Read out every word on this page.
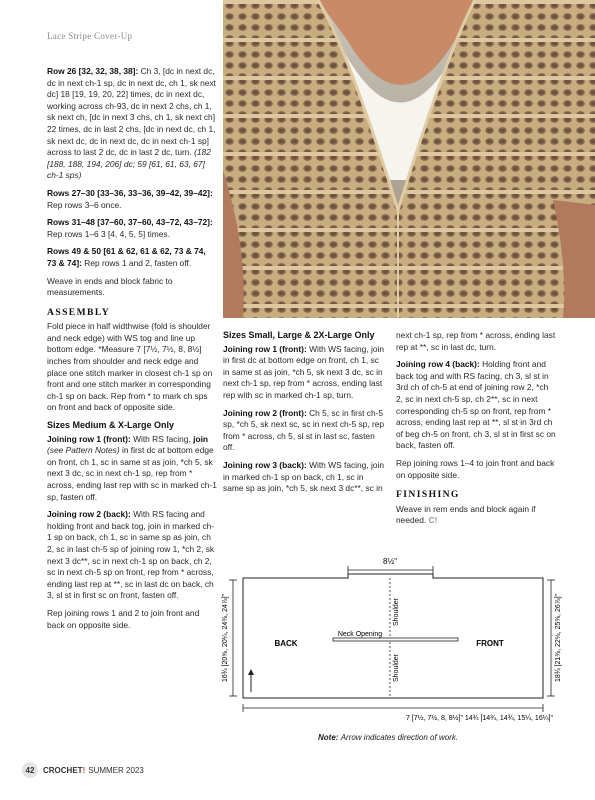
Lace Stripe Cover-Up

Row 26 [32, 32, 38, 38]: Ch 3, [dc in next dc, dc in next ch-1 sp, dc in next dc, ch 1, sk next dc] 18 [19, 19, 20, 22] times, dc in next dc, working across ch-93, dc in next 2 chs, ch 1, sk next ch, [dc in next 3 chs, ch 1, sk next ch] 22 times, dc in last 2 chs, [dc in next dc, ch 1, sk next dc, dc in next dc, dc in next ch-1 sp] across to last 2 dc, dc in last 2 dc, turn. (182 [188, 188, 194, 206] dc; 59 [61, 61, 63, 67] ch-1 sps)

Rows 27–30 [33–36, 33–36, 39–42, 39–42]: Rep rows 3–6 once.

Rows 31–48 [37–60, 37–60, 43–72, 43–72]: Rep rows 1–6 3 [4, 4, 5, 5] times.

Rows 49 & 50 [61 & 62, 61 & 62, 73 & 74, 73 & 74]: Rep rows 1 and 2, fasten off.

Weave in ends and block fabric to measurements.

ASSEMBLY

Fold piece in half widthwise (fold is shoulder and neck edge) with WS tog and line up bottom edge. *Measure 7 [7½, 7½, 8, 8½] inches from shoulder and neck edge and place one stitch marker in closest ch-1 sp on front and one stitch marker in corresponding ch-1 sp on back. Rep from * to mark ch sps on front and back of opposite side.

Sizes Medium & X-Large Only

Joining row 1 (front): With RS facing, join (see Pattern Notes) in first dc at bottom edge on front, ch 1, sc in same st as join, *ch 5, sk next 3 dc, sc in next ch-1 sp, rep from * across, ending last rep with sc in marked ch-1 sp, fasten off.

Joining row 2 (back): With RS facing and holding front and back tog, join in marked ch-1 sp on back, ch 1, sc in same sp as join, ch 2, sc in last ch-5 sp of joining row 1, *ch 2, sk next 3 dc**, sc in next ch-1 sp on back, ch 2, sc in next ch-5 sp on front, rep from * across, ending last rep at **, sc in last dc on back, ch 3, sl st in first sc on front, fasten off.

Rep joining rows 1 and 2 to join front and back on opposite side.

Sizes Small, Large & 2X-Large Only

Joining row 1 (front): With WS facing, join in first dc at bottom edge on front, ch 1, sc in same st as join, *ch 5, sk next 3 dc, sc in next ch-1 sp, rep from * across, ending last rep with sc in marked ch-1 sp, turn.

Joining row 2 (front): Ch 5, sc in first ch-5 sp, *ch 5, sk next sc, sc in next ch-5 sp, rep from * across, ch 5, sl st in last sc, fasten off.

Joining row 3 (back): With WS facing, join in marked ch-1 sp on back, ch 1, sc in same sp as join, *ch 5, sk next 3 dc**, sc in

next ch-1 sp, rep from * across, ending last rep at **, sc in last dc, turn.

Joining row 4 (back): Holding front and back tog and with RS facing, ch 3, sl st in 3rd ch of ch-5 at end of joining row 2, *ch 2, sc in next ch-5 sp, ch 2**, sc in next corresponding ch-5 sp on front, rep from * across, ending last rep at **, sl st in 3rd ch of beg ch-5 on front, ch 3, sl st in first sc on back, fasten off.

Rep joining rows 1–4 to join front and back on opposite side.

FINISHING

Weave in rem ends and block again if needed. C!

8½"
16¾ [20⅝, 20¼, 24⅜, 24⅞]"	18¾ [21⅜, 22⅛, 25⅜, 26⅞]"
Shoulder
Shoulder
Neck Opening
BACK	FRONT
7 [7½, 7½, 8, 8½]" 14¾ [14¾, 14¾, 15¼, 16¼]"
Note: Arrow indicates direction of work.
42	CROCHET! SUMMER 2023
